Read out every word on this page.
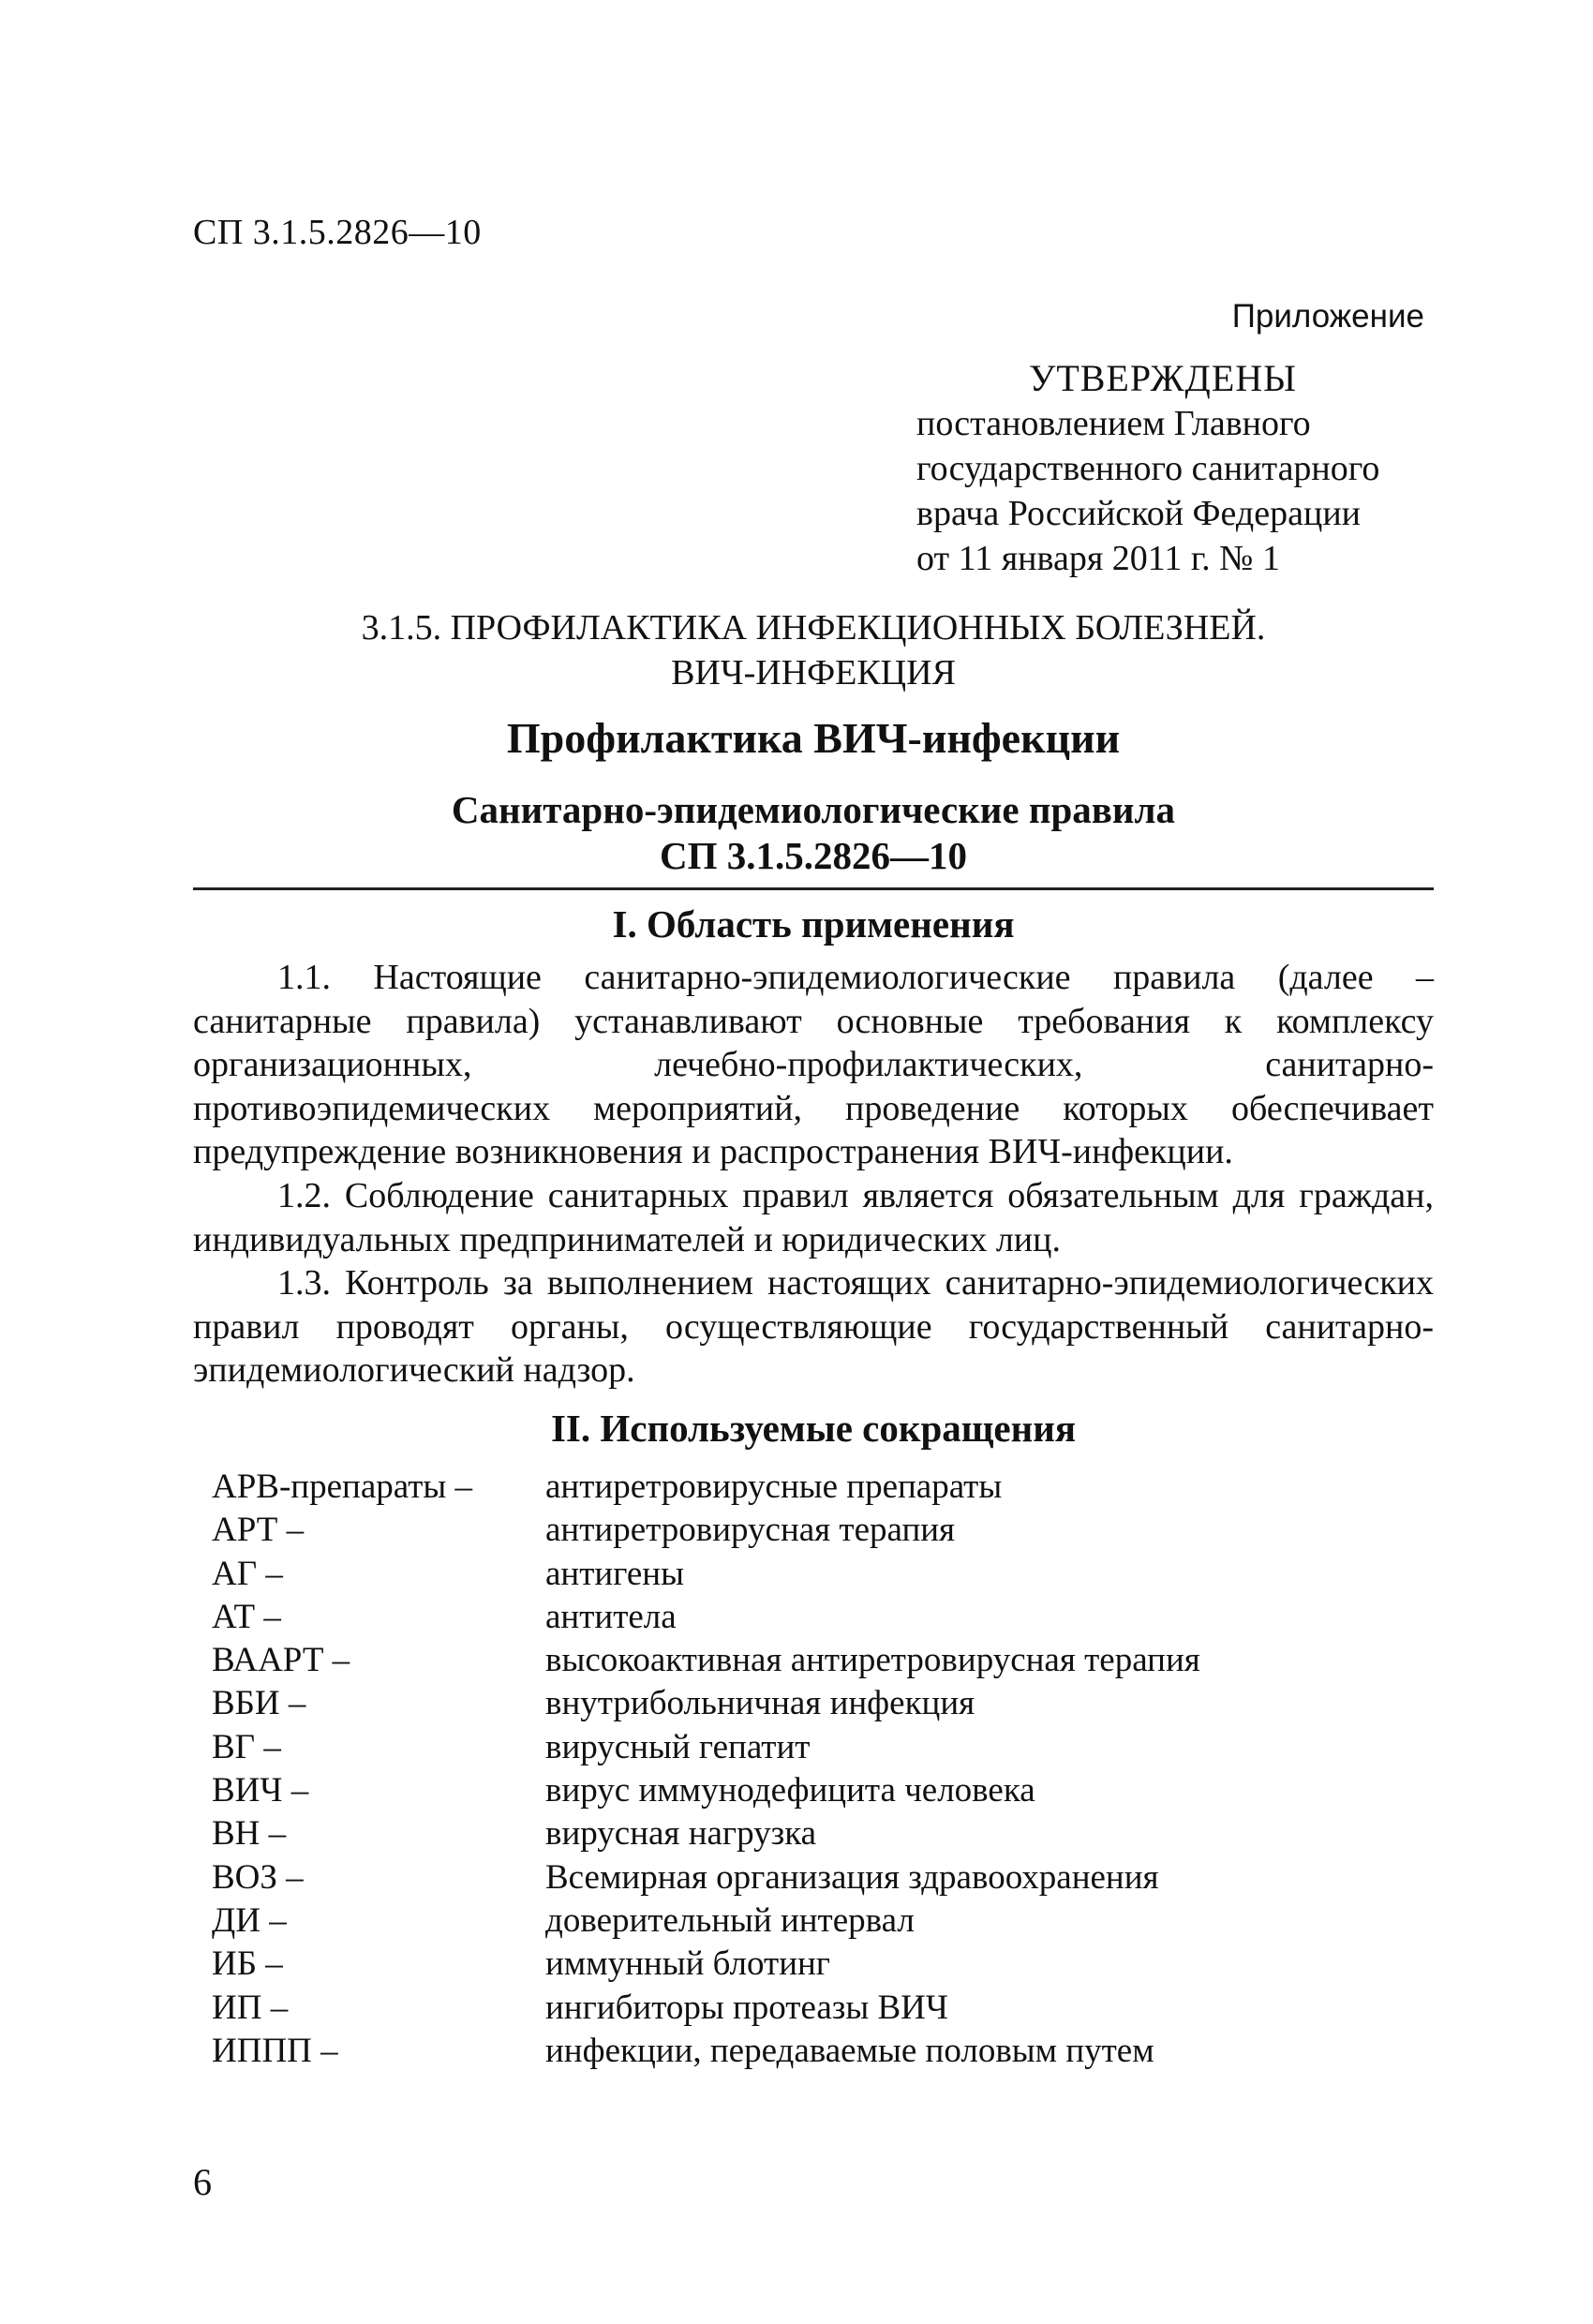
СП 3.1.5.2826—10
Приложение
УТВЕРЖДЕНЫ
постановлением Главного
государственного санитарного
врача Российской Федерации
от 11 января 2011 г. № 1
3.1.5. ПРОФИЛАКТИКА ИНФЕКЦИОННЫХ БОЛЕЗНЕЙ.
ВИЧ-ИНФЕКЦИЯ
Профилактика ВИЧ-инфекции
Санитарно-эпидемиологические правила
СП 3.1.5.2826—10
I. Область применения
1.1. Настоящие санитарно-эпидемиологические правила (далее – санитарные правила) устанавливают основные требования к комплексу организационных, лечебно-профилактических, санитарно-противоэпидемических мероприятий, проведение которых обеспечивает предупреждение возникновения и распространения ВИЧ-инфекции.
1.2. Соблюдение санитарных правил является обязательным для граждан, индивидуальных предпринимателей и юридических лиц.
1.3. Контроль за выполнением настоящих санитарно-эпидемиологических правил проводят органы, осуществляющие государственный санитарно-эпидемиологический надзор.
II. Используемые сокращения
АРВ-препараты –	антиретровирусные препараты
АРТ –	антиретровирусная терапия
АГ –	антигены
АТ –	антитела
ВААРТ –	высокоактивная антиретровирусная терапия
ВБИ –	внутрибольничная инфекция
ВГ –	вирусный гепатит
ВИЧ –	вирус иммунодефицита человека
ВН –	вирусная нагрузка
ВОЗ –	Всемирная организация здравоохранения
ДИ –	доверительный интервал
ИБ –	иммунный блотинг
ИП –	ингибиторы протеазы ВИЧ
ИППП –	инфекции, передаваемые половым путем
6
